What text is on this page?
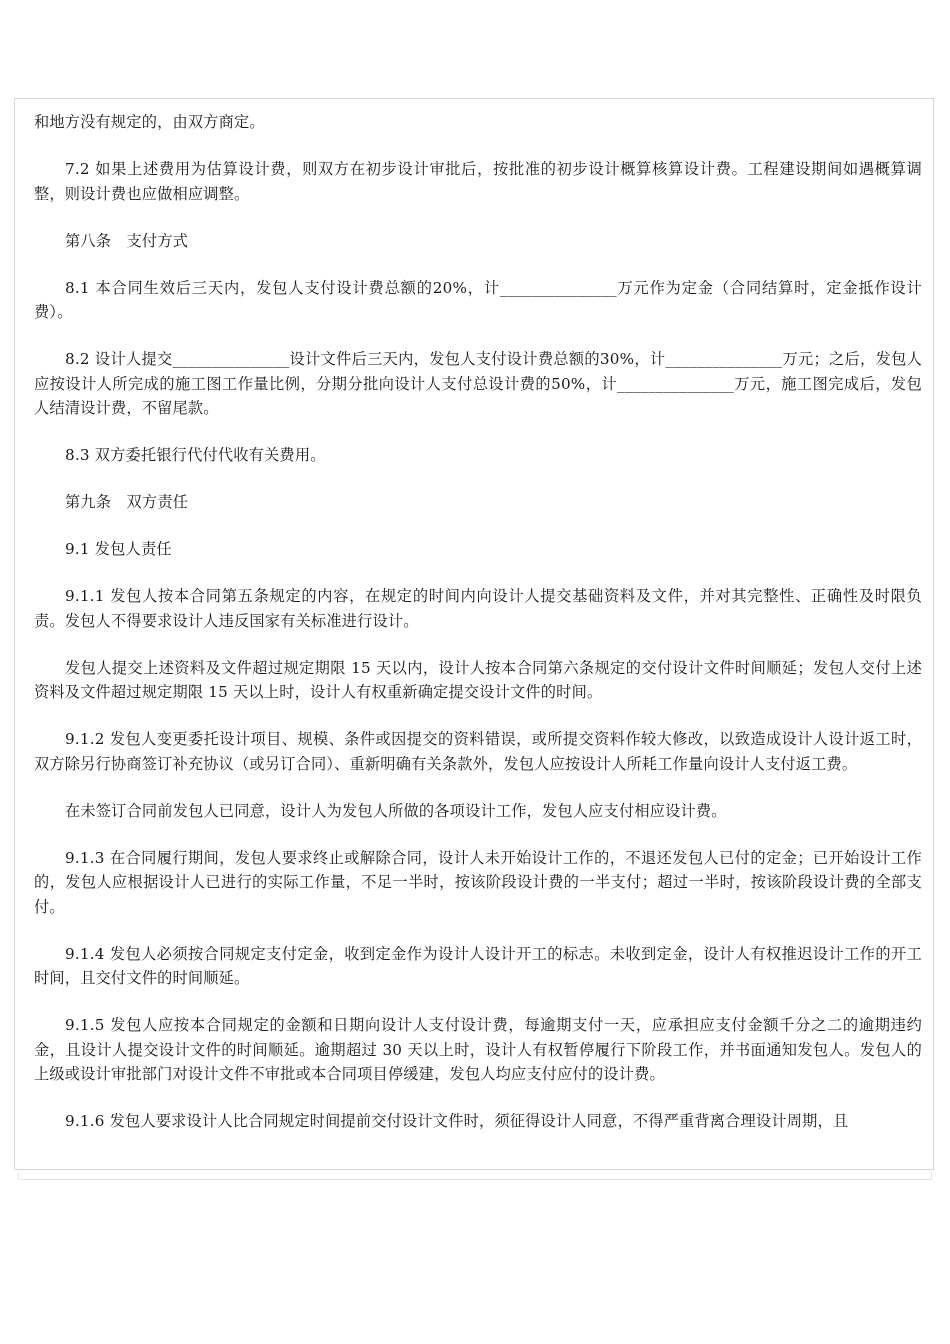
和地方没有规定的，由双方商定。

7.2 如果上述费用为估算设计费，则双方在初步设计审批后，按批准的初步设计概算核算设计费。工程建设期间如遇概算调整，则设计费也应做相应调整。

第八条　支付方式

8.1 本合同生效后三天内，发包人支付设计费总额的20%，计_______________万元作为定金（合同结算时，定金抵作设计费）。

8.2 设计人提交_______________设计文件后三天内，发包人支付设计费总额的30%，计_______________万元；之后，发包人应按设计人所完成的施工图工作量比例，分期分批向设计人支付总设计费的50%，计_______________万元，施工图完成后，发包人结清设计费，不留尾款。

8.3 双方委托银行代付代收有关费用。

第九条　双方责任

9.1 发包人责任

9.1.1 发包人按本合同第五条规定的内容，在规定的时间内向设计人提交基础资料及文件，并对其完整性、正确性及时限负责。发包人不得要求设计人违反国家有关标准进行设计。

发包人提交上述资料及文件超过规定期限 15 天以内，设计人按本合同第六条规定的交付设计文件时间顺延；发包人交付上述资料及文件超过规定期限 15 天以上时，设计人有权重新确定提交设计文件的时间。

9.1.2 发包人变更委托设计项目、规模、条件或因提交的资料错误，或所提交资料作较大修改，以致造成设计人设计返工时，双方除另行协商签订补充协议（或另订合同）、重新明确有关条款外，发包人应按设计人所耗工作量向设计人支付返工费。

在未签订合同前发包人已同意，设计人为发包人所做的各项设计工作，发包人应支付相应设计费。

9.1.3 在合同履行期间，发包人要求终止或解除合同，设计人未开始设计工作的，不退还发包人已付的定金；已开始设计工作的，发包人应根据设计人已进行的实际工作量，不足一半时，按该阶段设计费的一半支付；超过一半时，按该阶段设计费的全部支付。

9.1.4 发包人必须按合同规定支付定金，收到定金作为设计人设计开工的标志。未收到定金，设计人有权推迟设计工作的开工时间，且交付文件的时间顺延。

9.1.5 发包人应按本合同规定的金额和日期向设计人支付设计费，每逾期支付一天，应承担应支付金额千分之二的逾期违约金，且设计人提交设计文件的时间顺延。逾期超过 30 天以上时，设计人有权暂停履行下阶段工作，并书面通知发包人。发包人的上级或设计审批部门对设计文件不审批或本合同项目停缓建，发包人均应支付应付的设计费。

9.1.6 发包人要求设计人比合同规定时间提前交付设计文件时，须征得设计人同意，不得严重背离合理设计周期，且
